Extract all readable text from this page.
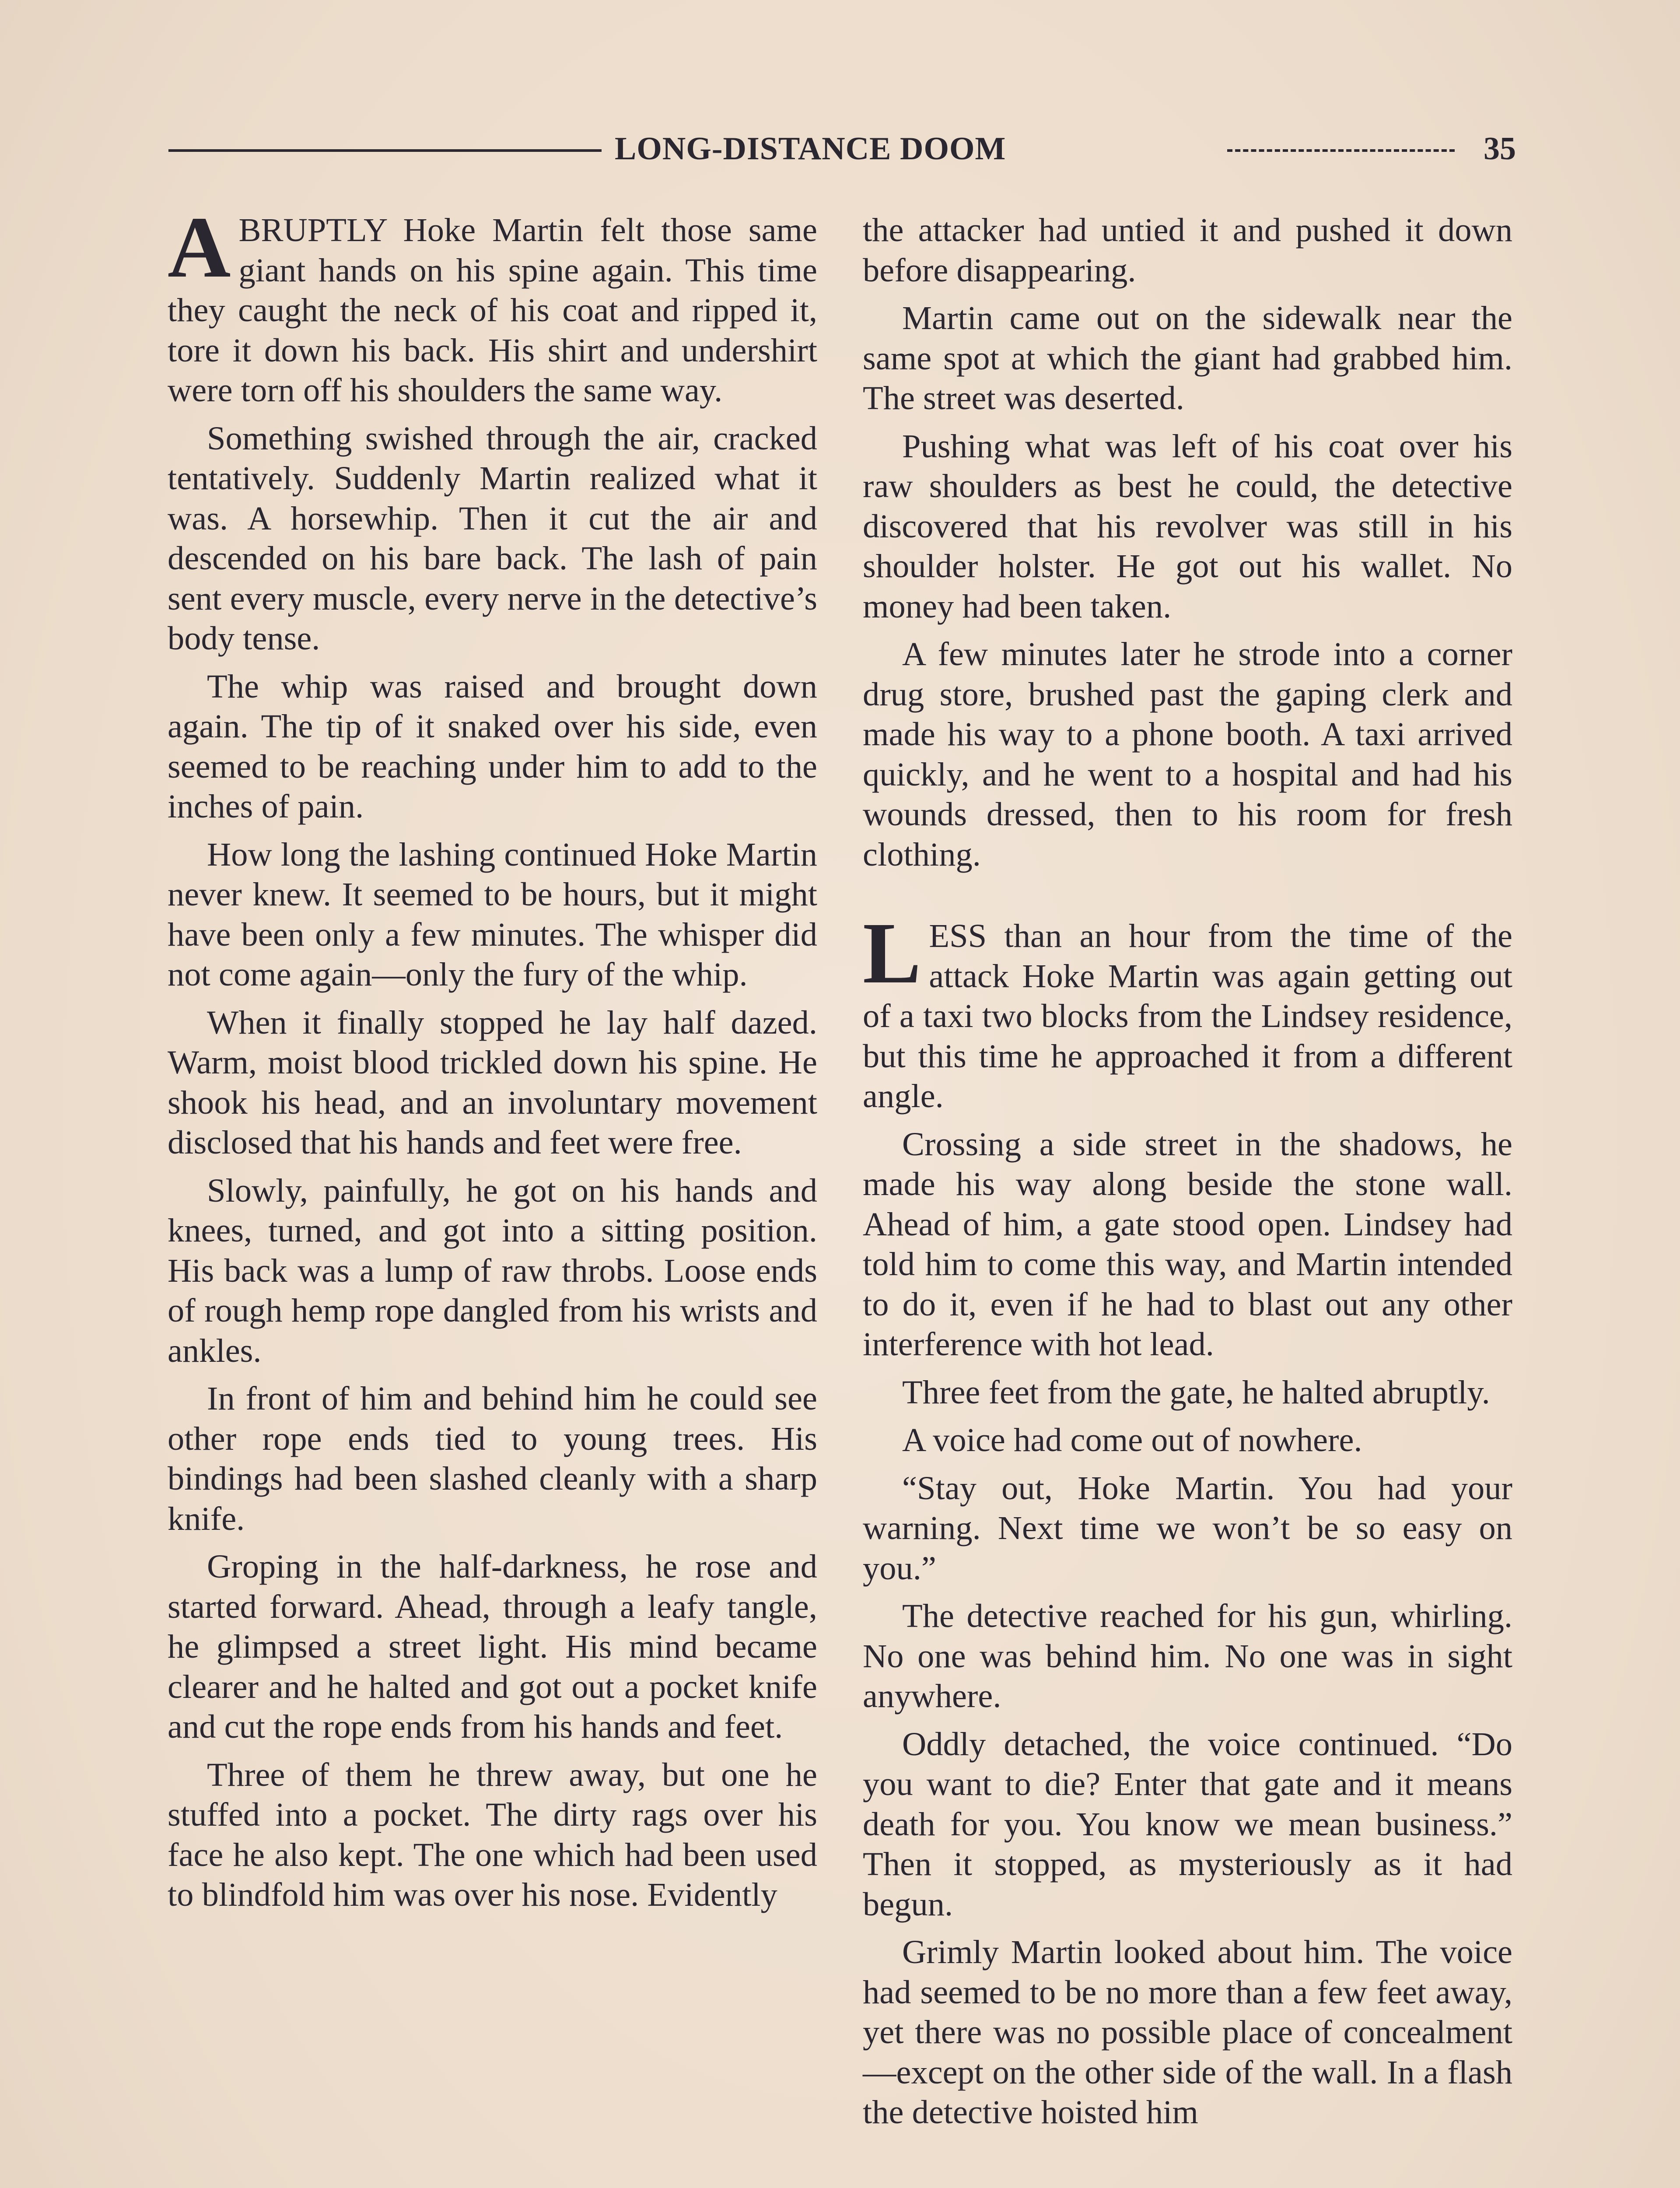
LONG-DISTANCE DOOM	35

ABRUPTLY Hoke Martin felt those same giant hands on his spine again. This time they caught the neck of his coat and ripped it, tore it down his back. His shirt and undershirt were torn off his shoulders the same way.

Something swished through the air, cracked tentatively. Suddenly Martin realized what it was. A horsewhip. Then it cut the air and descended on his bare back. The lash of pain sent every muscle, every nerve in the detective’s body tense.

The whip was raised and brought down again. The tip of it snaked over his side, even seemed to be reaching under him to add to the inches of pain.

How long the lashing continued Hoke Martin never knew. It seemed to be hours, but it might have been only a few minutes. The whisper did not come again—only the fury of the whip.

When it finally stopped he lay half dazed. Warm, moist blood trickled down his spine. He shook his head, and an involuntary movement disclosed that his hands and feet were free.

Slowly, painfully, he got on his hands and knees, turned, and got into a sitting position. His back was a lump of raw throbs. Loose ends of rough hemp rope dangled from his wrists and ankles.

In front of him and behind him he could see other rope ends tied to young trees. His bindings had been slashed cleanly with a sharp knife.

Groping in the half-darkness, he rose and started forward. Ahead, through a leafy tangle, he glimpsed a street light. His mind became clearer and he halted and got out a pocket knife and cut the rope ends from his hands and feet.

Three of them he threw away, but one he stuffed into a pocket. The dirty rags over his face he also kept. The one which had been used to blindfold him was over his nose. Evidently

the attacker had untied it and pushed it down before disappearing.

Martin came out on the sidewalk near the same spot at which the giant had grabbed him. The street was deserted.

Pushing what was left of his coat over his raw shoulders as best he could, the detective discovered that his revolver was still in his shoulder holster. He got out his wallet. No money had been taken.

A few minutes later he strode into a corner drug store, brushed past the gaping clerk and made his way to a phone booth. A taxi arrived quickly, and he went to a hospital and had his wounds dressed, then to his room for fresh clothing.

LESS than an hour from the time of the attack Hoke Martin was again getting out of a taxi two blocks from the Lindsey residence, but this time he approached it from a different angle.

Crossing a side street in the shadows, he made his way along beside the stone wall. Ahead of him, a gate stood open. Lindsey had told him to come this way, and Martin intended to do it, even if he had to blast out any other interference with hot lead.

Three feet from the gate, he halted abruptly.

A voice had come out of nowhere.

“Stay out, Hoke Martin. You had your warning. Next time we won’t be so easy on you.”

The detective reached for his gun, whirling. No one was behind him. No one was in sight anywhere.

Oddly detached, the voice continued. “Do you want to die? Enter that gate and it means death for you. You know we mean business.” Then it stopped, as mysteriously as it had begun.

Grimly Martin looked about him. The voice had seemed to be no more than a few feet away, yet there was no possible place of concealment—except on the other side of the wall. In a flash the detective hoisted him
